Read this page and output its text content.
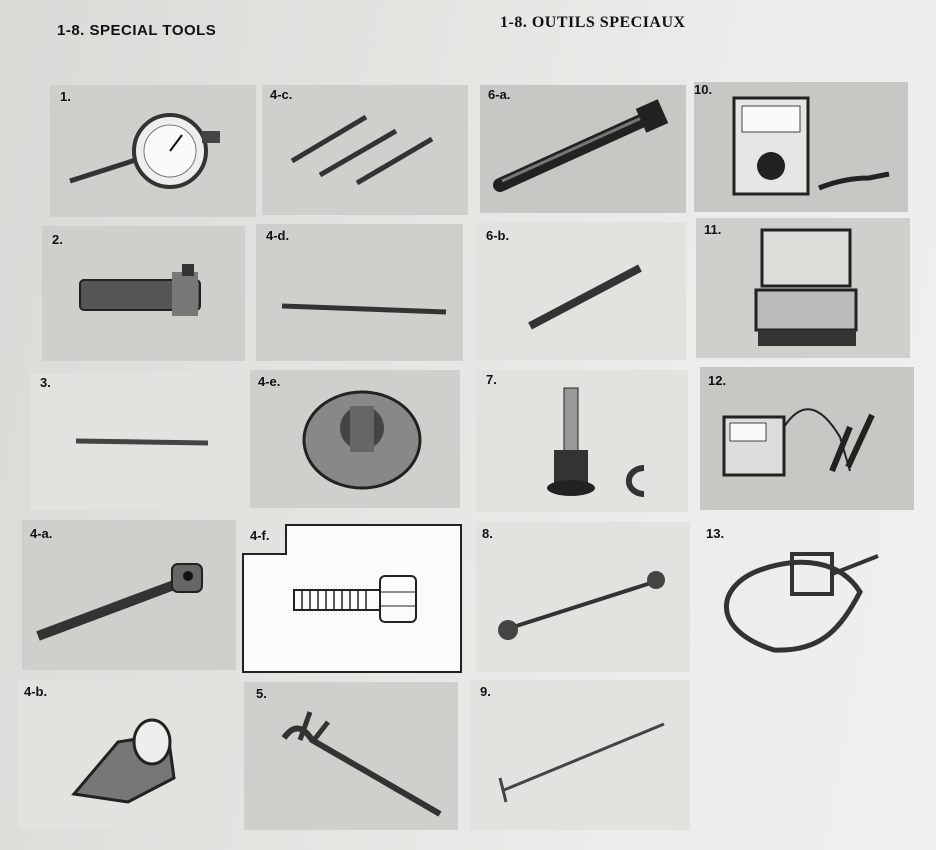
1-8. SPECIAL TOOLS	1-8. OUTILS SPECIAUX
1.	4-c.	6-a.	10.
2.	4-d.	6-b.	11.
3.	4-e.	7.	12.
4-a.	4-f.	8.	13.
4-b.	5.	9.
